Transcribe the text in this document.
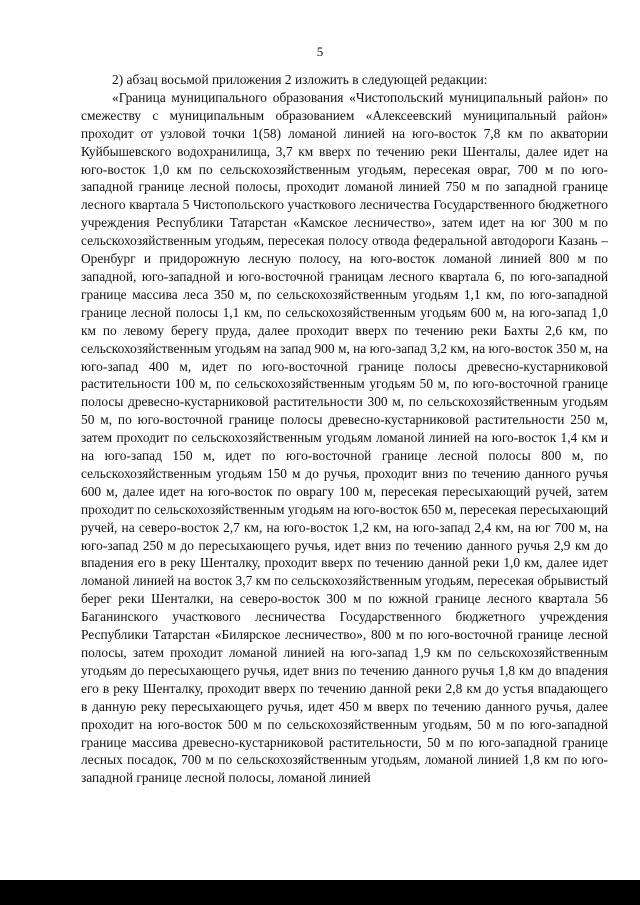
5

2) абзац восьмой приложения 2 изложить в следующей редакции:

«Граница муниципального образования «Чистопольский муниципальный район» по смежеству с муниципальным образованием «Алексеевский муниципальный район» проходит от узловой точки 1(58) ломаной линией на юго-восток 7,8 км по акватории Куйбышевского водохранилища, 3,7 км вверх по течению реки Шенталы, далее идет на юго-восток 1,0 км по сельскохозяйственным угодьям, пересекая овраг, 700 м по юго-западной границе лесной полосы, проходит ломаной линией 750 м по западной границе лесного квартала 5 Чистопольского участкового лесничества Государственного бюджетного учреждения Республики Татарстан «Камское лесничество», затем идет на юг 300 м по сельскохозяйственным угодьям, пересекая полосу отвода федеральной автодороги Казань – Оренбург и придорожную лесную полосу, на юго-восток ломаной линией 800 м по западной, юго-западной и юго-восточной границам лесного квартала 6, по юго-западной границе массива леса 350 м, по сельскохозяйственным угодьям 1,1 км, по юго-западной границе лесной полосы 1,1 км, по сельскохозяйственным угодьям 600 м, на юго-запад 1,0 км по левому берегу пруда, далее проходит вверх по течению реки Бахты 2,6 км, по сельскохозяйственным угодьям на запад 900 м, на юго-запад 3,2 км, на юго-восток 350 м, на юго-запад 400 м, идет по юго-восточной границе полосы древесно-кустарниковой растительности 100 м, по сельскохозяйственным угодьям 50 м, по юго-восточной границе полосы древесно-кустарниковой растительности 300 м, по сельскохозяйственным угодьям 50 м, по юго-восточной границе полосы древесно-кустарниковой растительности 250 м, затем проходит по сельскохозяйственным угодьям ломаной линией на юго-восток 1,4 км и на юго-запад 150 м, идет по юго-восточной границе лесной полосы 800 м, по сельскохозяйственным угодьям 150 м до ручья, проходит вниз по течению данного ручья 600 м, далее идет на юго-восток по оврагу 100 м, пересекая пересыхающий ручей, затем проходит по сельскохозяйственным угодьям на юго-восток 650 м, пересекая пересыхающий ручей, на северо-восток 2,7 км, на юго-восток 1,2 км, на юго-запад 2,4 км, на юг 700 м, на юго-запад 250 м до пересыхающего ручья, идет вниз по течению данного ручья 2,9 км до впадения его в реку Шенталку, проходит вверх по течению данной реки 1,0 км, далее идет ломаной линией на восток 3,7 км по сельскохозяйственным угодьям, пересекая обрывистый берег реки Шенталки, на северо-восток 300 м по южной границе лесного квартала 56 Баганинского участкового лесничества Государственного бюджетного учреждения Республики Татарстан «Билярское лесничество», 800 м по юго-восточной границе лесной полосы, затем проходит ломаной линией на юго-запад 1,9 км по сельскохозяйственным угодьям до пересыхающего ручья, идет вниз по течению данного ручья 1,8 км до впадения его в реку Шенталку, проходит вверх по течению данной реки 2,8 км до устья впадающего в данную реку пересыхающего ручья, идет 450 м вверх по течению данного ручья, далее проходит на юго-восток 500 м по сельскохозяйственным угодьям, 50 м по юго-западной границе массива древесно-кустарниковой растительности, 50 м по юго-западной границе лесных посадок, 700 м по сельскохозяйственным угодьям, ломаной линией 1,8 км по юго-западной границе лесной полосы, ломаной линией
